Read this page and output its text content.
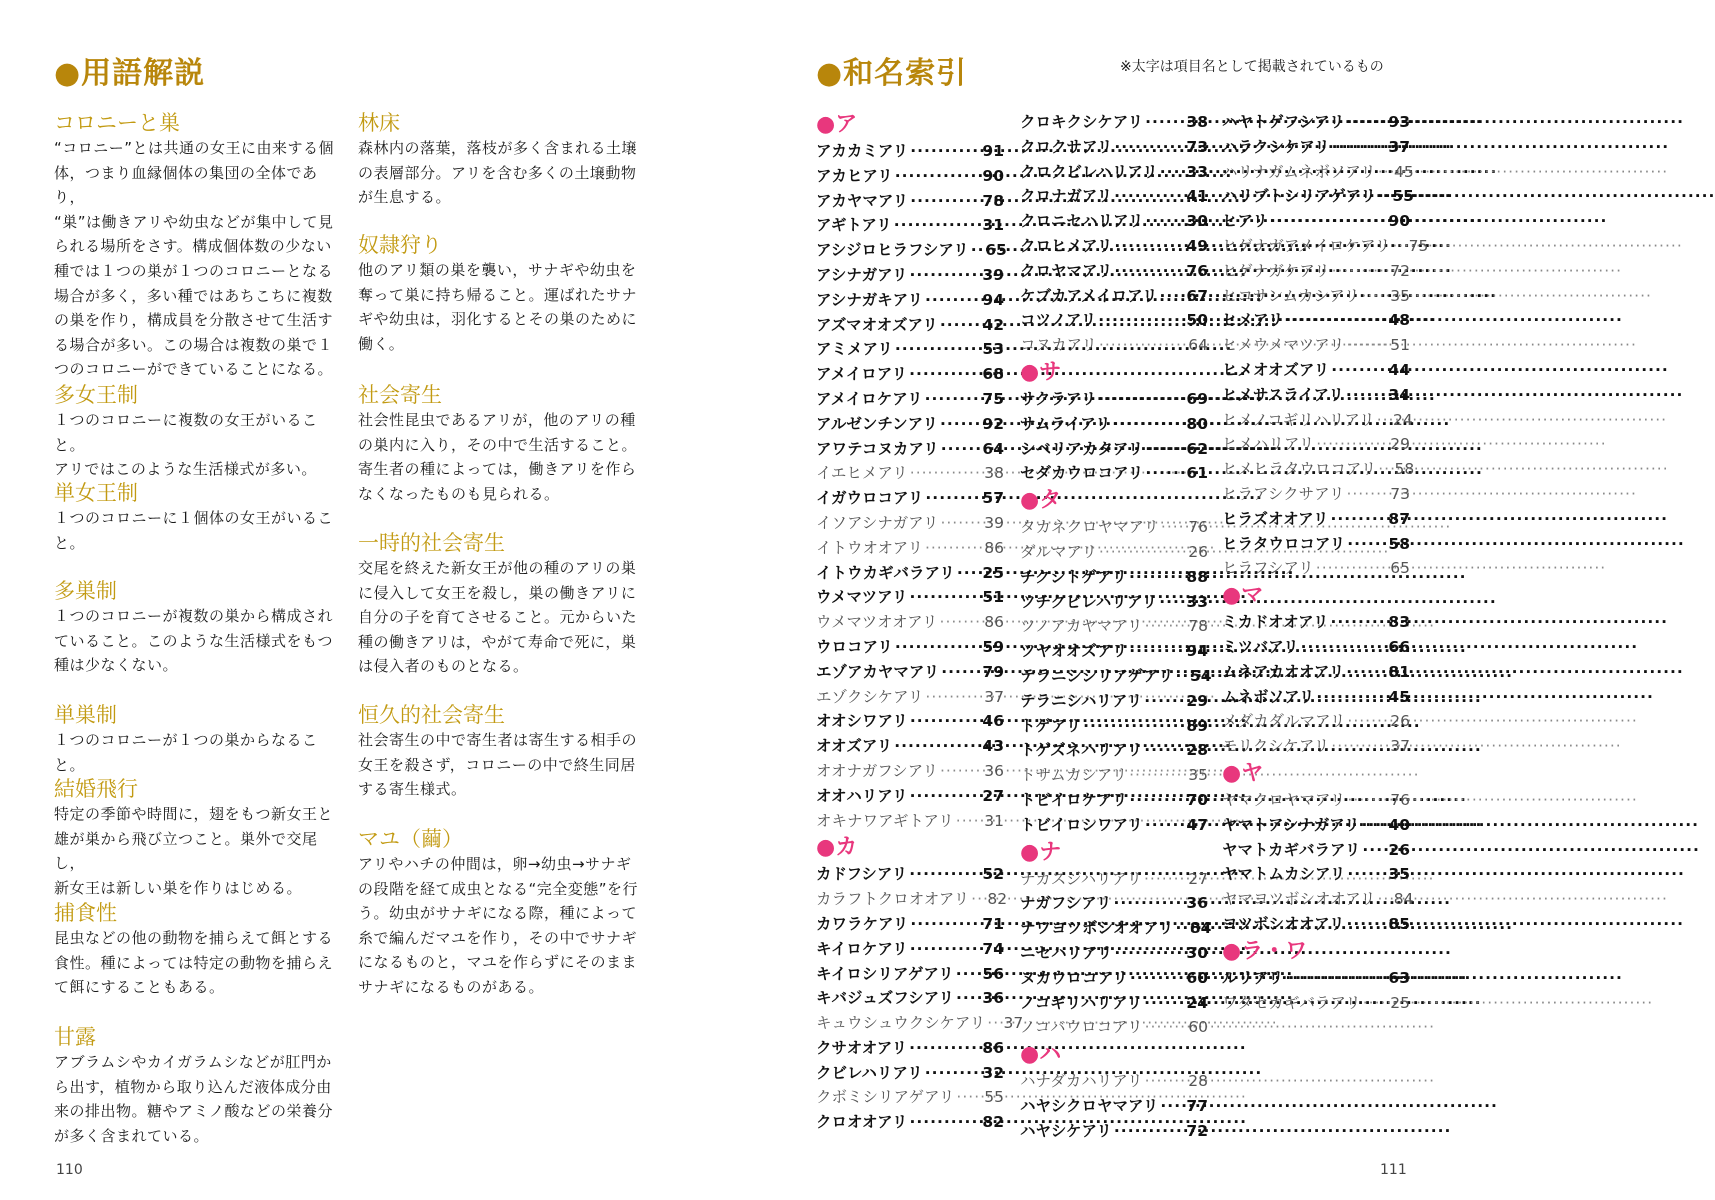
●用語解説
コロニーと巣
“コロニー”とは共通の女王に由来する個
体，つまり血縁個体の集団の全体であり，
“巣”は働きアリや幼虫などが集中して見
られる場所をさす。構成個体数の少ない
種では１つの巣が１つのコロニーとなる
場合が多く，多い種ではあちこちに複数
の巣を作り，構成員を分散させて生活す
る場合が多い。この場合は複数の巣で１
つのコロニーができていることになる。
多女王制
１つのコロニーに複数の女王がいること。
アリではこのような生活様式が多い。
単女王制
１つのコロニーに１個体の女王がいるこ
と。
多巣制
１つのコロニーが複数の巣から構成され
ていること。このような生活様式をもつ
種は少なくない。
単巣制
１つのコロニーが１つの巣からなること。
結婚飛行
特定の季節や時間に，翅をもつ新女王と
雄が巣から飛び立つこと。巣外で交尾し，
新女王は新しい巣を作りはじめる。
捕食性
昆虫などの他の動物を捕らえて餌とする
食性。種によっては特定の動物を捕らえ
て餌にすることもある。
甘露
アブラムシやカイガラムシなどが肛門か
ら出す，植物から取り込んだ液体成分由
来の排出物。糖やアミノ酸などの栄養分
が多く含まれている。
林床
森林内の落葉，落枝が多く含まれる土壌
の表層部分。アリを含む多くの土壌動物
が生息する。
奴隷狩り
他のアリ類の巣を襲い，サナギや幼虫を
奪って巣に持ち帰ること。運ばれたサナ
ギや幼虫は，羽化するとその巣のために
働く。
社会寄生
社会性昆虫であるアリが，他のアリの種
の巣内に入り，その中で生活すること。
寄生者の種によっては，働きアリを作ら
なくなったものも見られる。
一時的社会寄生
交尾を終えた新女王が他の種のアリの巣
に侵入して女王を殺し，巣の働きアリに
自分の子を育てさせること。元からいた
種の働きアリは，やがて寿命で死に，巣
は侵入者のものとなる。
恒久的社会寄生
社会寄生の中で寄生者は寄生する相手の
女王を殺さず，コロニーの中で終生同居
する寄生様式。
マユ（繭）
アリやハチの仲間は，卵→幼虫→サナギ
の段階を経て成虫となる“完全変態”を行
う。幼虫がサナギになる際，種によって
糸で編んだマユを作り，その中でサナギ
になるものと，マユを作らずにそのまま
サナギになるものがある。
110
●和名索引	※太字は項目名として掲載されているもの
●ア
アカカミアリ ·····	91
アカヒアリ ·····	90
アカヤマアリ ·····	78
アギトアリ ·····	31
アシジロヒラフシアリ ····· 65
アシナガアリ ·····	39
アシナガキアリ ·····	94
アズマオオズアリ ·····	42
アミメアリ ·····	53
アメイロアリ ·····	68
アメイロケアリ ·····	75
アルゼンチンアリ ·····	92
アワテコヌカアリ ·····	64
イエヒメアリ ·····	38
イガウロコアリ ·····	57
イソアシナガアリ ·····	39
イトウオオアリ ·····	86
イトウカギバラアリ ····· 25
ウメマツアリ ·····	51
ウメマツオオアリ ·····	86
ウロコアリ ·····	59
エゾアカヤマアリ ·····	79
エゾクシケアリ ·····	37
オオシワアリ ·····	46
オオズアリ ·····	43
オオナガフシアリ ·····	36
オオハリアリ ·····	27
オキナワアギトアリ ·····	31
●カ
カドフシアリ ·····	52
カラフトクロオオアリ ·····	82
カワラケアリ ·····	71
キイロケアリ ·····	74
キイロシリアゲアリ ····· 56
キバジュズフシアリ ····· 36
キュウシュウクシケアリ ·····	37
クサオオアリ ·····	86
クビレハリアリ ·····	32
クボミシリアゲアリ ·····	55
クロオオアリ ·····	82
クロキクシケアリ ·····	38
クロクサアリ ·····	73
クロクビレハリアリ ····· 33
クロナガアリ ·····	41
クロニセハリアリ ·····	30
クロヒメアリ ·····	49
クロヤマアリ ·····	76
ケブカアメイロアリ ····· 67
コツノアリ ·····	50
コヌカアリ ·····	64
●サ
サクラアリ ·····	69
サムライアリ ·····	80
シベリアカタアリ ·····	62
セダカウロコアリ ·····	61
●タ
タカネクロヤマアリ ·····	76
ダルマアリ ·····	26
チクシトゲアリ ·····	88
ツチクビレハリアリ ····· 33
ツノアカヤマアリ ·····	78
ツヤオオズアリ ·····	94
テラニシシリアゲアリ ····· 54
テラニシハリアリ ·····	29
トゲアリ ·····	89
トゲズネハリアリ ·····	28
トサムカシアリ ·····	35
トビイロケアリ ·····	70
トビイロシワアリ ·····	47
●ナ
ナカスジハリアリ ·····	27
ナガフシアリ ·····	36
ナワヨツボシオオアリ ····· 84
ニセハリアリ ·····	30
ヌカウロコアリ ·····	60
ノコギリハリアリ ·····	24
ノコバウロコアリ ·····	60
●ハ
ハナダカハリアリ ·····	28
ハヤシクロヤマアリ ····· 77
ハヤシケアリ ·····	72
ハヤトゲフシアリ ·····	93
ハラクシケアリ ·····	37
ハリナガムネボソアリ ·····	45
ハリブトシリアゲアリ ····· 55
ヒアリ ·····	90
ヒゲナガアメイロケアリ ·····	75
ヒゲナガケアリ ·····	72
ヒコサンムカシアリ ·····	35
ヒメアリ ·····	48
ヒメウメマツアリ ·····	51
ヒメオオズアリ ·····	44
ヒメサスライアリ ·····	34
ヒメノコギリハリアリ ·····	24
ヒメハリアリ ·····	29
ヒメヒラタウロコアリ ·····	58
ヒラアシクサアリ ·····	73
ヒラズオオアリ ·····	87
ヒラタウロコアリ ·····	58
ヒラフシアリ ·····	65
●マ
ミカドオオアリ ·····	83
ミツバアリ ·····	66
ムネアカオオアリ ·····	81
ムネボソアリ ·····	45
メダカダルマアリ ·····	26
モリクシケアリ ·····	37
●ヤ
ヤマクロヤマアリ ·····	76
ヤマトアシナガアリ ····· 40
ヤマトカギバラアリ ····· 26
ヤマトムカシアリ ·····	35
ヤマヨツボシオオアリ ·····	84
ヨツボシオオアリ ·····	85
●ラ・ワ
ルリアリ ·····	63
ワタセカギバラアリ ·····	25
111
